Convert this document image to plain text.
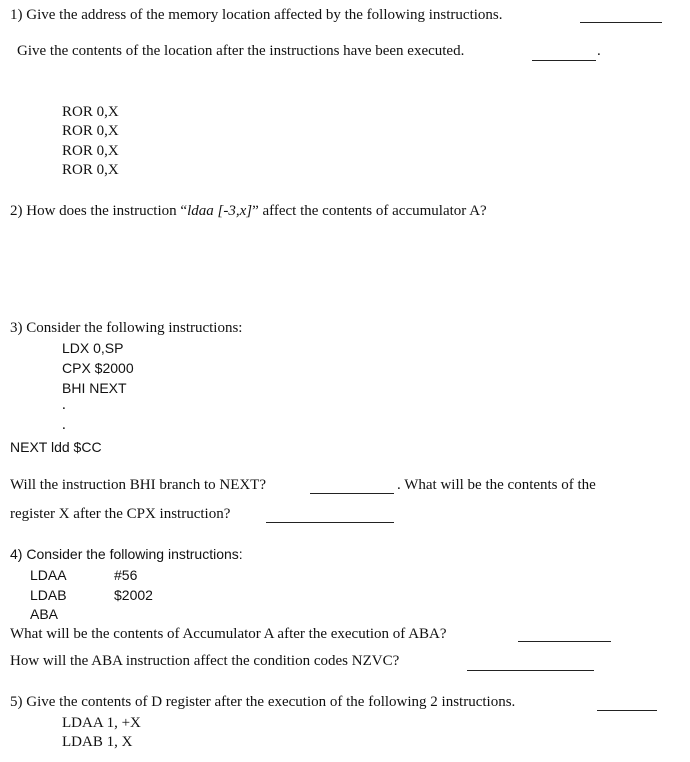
1) Give the address of the memory location affected by the following instructions.
Give the contents of the location after the instructions have been executed.	.
ROR 0,X
ROR 0,X
ROR 0,X
ROR 0,X
2) How does the instruction “ldaa [-3,x]” affect the contents of accumulator A?
3) Consider the following instructions:
LDX 0,SP
CPX $2000
BHI NEXT
.
.
NEXT ldd $CC
Will the instruction BHI branch to NEXT?	. What will be the contents of the
register X after the CPX instruction?
4) Consider the following instructions:
LDAA	#56
LDAB	$2002
ABA
What will be the contents of Accumulator A after the execution of ABA?
How will the ABA instruction affect the condition codes NZVC?
5) Give the contents of D register after the execution of the following 2 instructions.
LDAA 1, +X
LDAB 1, X
